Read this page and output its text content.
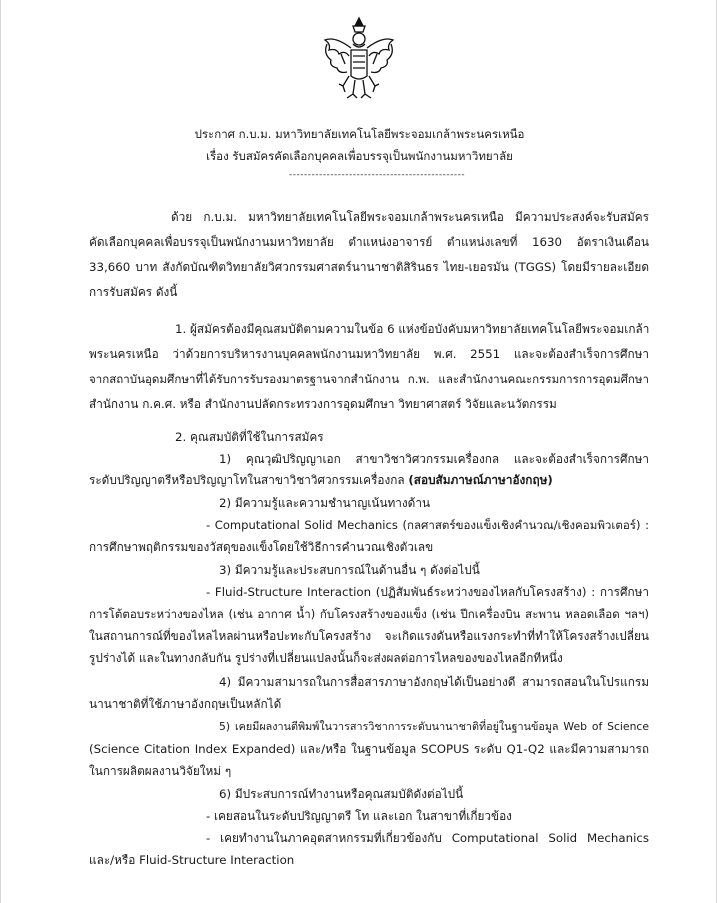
ประกาศ ก.บ.ม. มหาวิทยาลัยเทคโนโลยีพระจอมเกล้าพระนครเหนือ
เรื่อง รับสมัครคัดเลือกบุคคลเพื่อบรรจุเป็นพนักงานมหาวิทยาลัย
-----------------------------------------------
ด้วย ก.บ.ม. มหาวิทยาลัยเทคโนโลยีพระจอมเกล้าพระนครเหนือ มีความประสงค์จะรับสมัคร
คัดเลือกบุคคลเพื่อบรรจุเป็นพนักงานมหาวิทยาลัย ตำแหน่งอาจารย์ ตำแหน่งเลขที่ 1630 อัตราเงินเดือน
33,660 บาท สังกัดบัณฑิตวิทยาลัยวิศวกรรมศาสตร์นานาชาติสิรินธร ไทย-เยอรมัน (TGGS) โดยมีรายละเอียด
การรับสมัคร ดังนี้
1. ผู้สมัครต้องมีคุณสมบัติตามความในข้อ 6 แห่งข้อบังคับมหาวิทยาลัยเทคโนโลยีพระจอมเกล้า
พระนครเหนือ ว่าด้วยการบริหารงานบุคคลพนักงานมหาวิทยาลัย พ.ศ. 2551 และจะต้องสำเร็จการศึกษา
จากสถาบันอุดมศึกษาที่ได้รับการรับรองมาตรฐานจากสำนักงาน ก.พ. และสำนักงานคณะกรรมการการอุดมศึกษา
สำนักงาน ก.ค.ศ. หรือ สำนักงานปลัดกระทรวงการอุดมศึกษา วิทยาศาสตร์ วิจัยและนวัตกรรม
2. คุณสมบัติที่ใช้ในการสมัคร
1) คุณวุฒิปริญญาเอก สาขาวิชาวิศวกรรมเครื่องกล และจะต้องสำเร็จการศึกษา
ระดับปริญญาตรีหรือปริญญาโทในสาขาวิชาวิศวกรรมเครื่องกล (สอบสัมภาษณ์ภาษาอังกฤษ)
2) มีความรู้และความชำนาญเน้นทางด้าน
- Computational Solid Mechanics (กลศาสตร์ของแข็งเชิงคำนวณ/เชิงคอมพิวเตอร์) :
การศึกษาพฤติกรรมของวัสดุของแข็งโดยใช้วิธีการคำนวณเชิงตัวเลข
3) มีความรู้และประสบการณ์ในด้านอื่น ๆ ดังต่อไปนี้
- Fluid-Structure Interaction (ปฏิสัมพันธ์ระหว่างของไหลกับโครงสร้าง) : การศึกษา
การโต้ตอบระหว่างของไหล (เช่น อากาศ น้ำ) กับโครงสร้างของแข็ง (เช่น ปีกเครื่องบิน สะพาน หลอดเลือด ฯลฯ)
ในสถานการณ์ที่ของไหลไหลผ่านหรือปะทะกับโครงสร้าง จะเกิดแรงดันหรือแรงกระทำที่ทำให้โครงสร้างเปลี่ยน
รูปร่างได้ และในทางกลับกัน รูปร่างที่เปลี่ยนแปลงนั้นก็จะส่งผลต่อการไหลของของไหลอีกทีหนึ่ง
4) มีความสามารถในการสื่อสารภาษาอังกฤษได้เป็นอย่างดี สามารถสอนในโปรแกรม
นานาชาติที่ใช้ภาษาอังกฤษเป็นหลักได้
5) เคยมีผลงานตีพิมพ์ในวารสารวิชาการระดับนานาชาติที่อยู่ในฐานข้อมูล Web of Science
(Science Citation Index Expanded) และ/หรือ ในฐานข้อมูล SCOPUS ระดับ Q1-Q2 และมีความสามารถ
ในการผลิตผลงานวิจัยใหม่ ๆ
6) มีประสบการณ์ทำงานหรือคุณสมบัติดังต่อไปนี้
- เคยสอนในระดับปริญญาตรี โท และเอก ในสาขาที่เกี่ยวข้อง
- เคยทำงานในภาคอุตสาหกรรมที่เกี่ยวข้องกับ Computational Solid Mechanics
และ/หรือ Fluid-Structure Interaction
